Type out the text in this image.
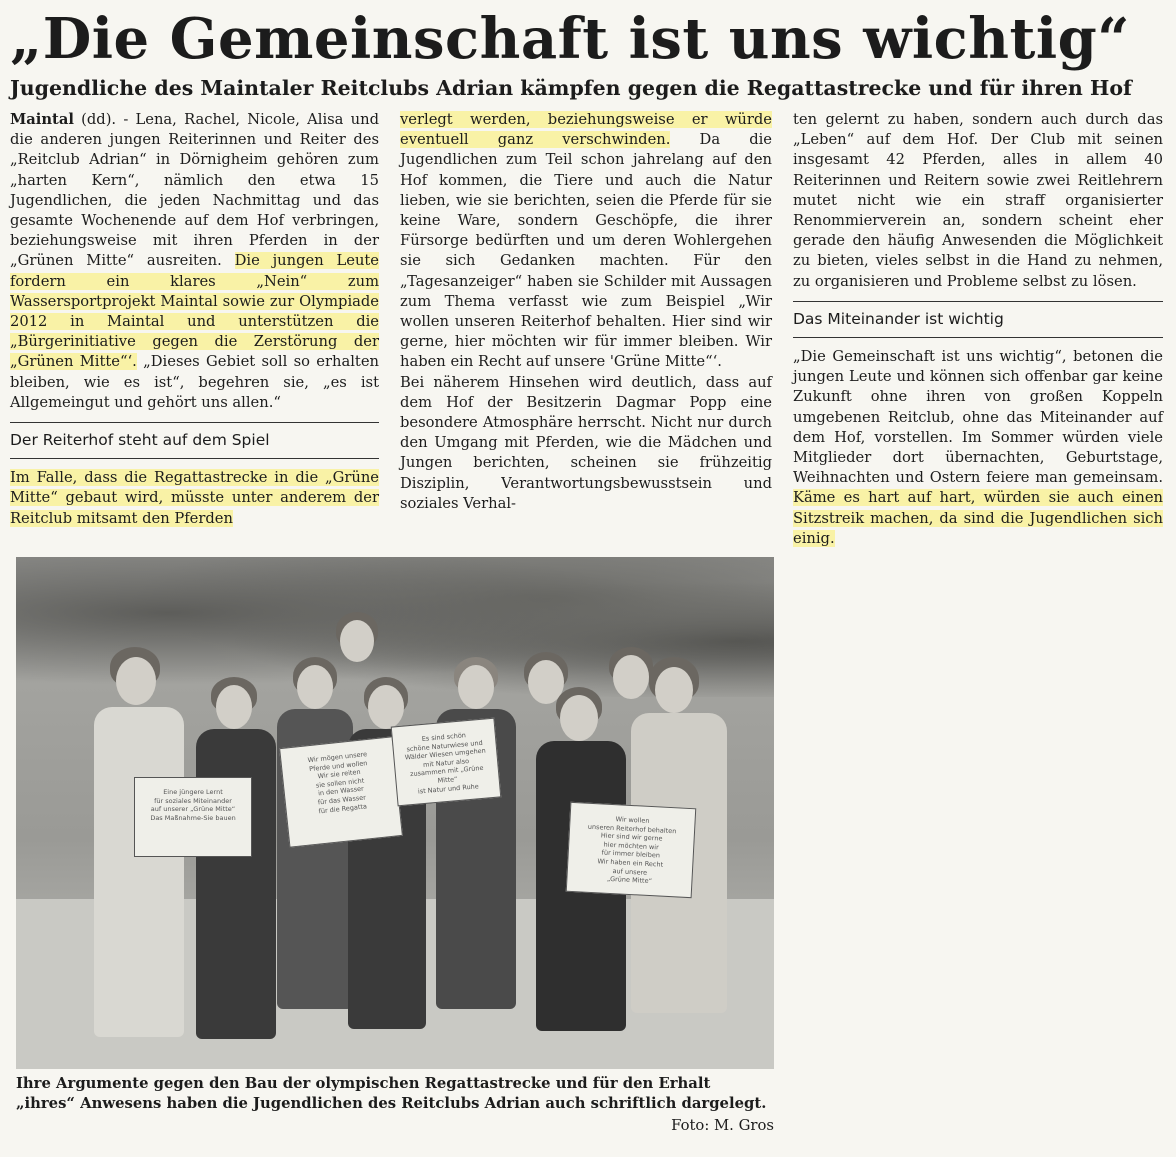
„Die Gemeinschaft ist uns wichtig“
Jugendliche des Maintaler Reitclubs Adrian kämpfen gegen die Regattastrecke und für ihren Hof

Maintal (dd). - Lena, Rachel, Nicole, Alisa und die anderen jungen Reiterinnen und Reiter des „Reitclub Adrian“ in Dörnigheim gehören zum „harten Kern“, nämlich den etwa 15 Jugendlichen, die jeden Nachmittag und das gesamte Wochenende auf dem Hof verbringen, beziehungsweise mit ihren Pferden in der „Grünen Mitte“ ausreiten. Die jungen Leute fordern ein klares „Nein“ zum Wassersportprojekt Maintal sowie zur Olympiade 2012 in Maintal und unterstützen die „Bürgerinitiative gegen die Zerstörung der „Grünen Mitte“‘. „Dieses Gebiet soll so erhalten bleiben, wie es ist“, begehren sie, „es ist Allgemeingut und gehört uns allen.“

Der Reiterhof steht auf dem Spiel

Im Falle, dass die Regattastrecke in die „Grüne Mitte“ gebaut wird, müsste unter anderem der Reitclub mitsamt den Pferden

verlegt werden, beziehungsweise er würde eventuell ganz verschwinden. Da die Jugendlichen zum Teil schon jahrelang auf den Hof kommen, die Tiere und auch die Natur lieben, wie sie berichten, seien die Pferde für sie keine Ware, sondern Geschöpfe, die ihrer Fürsorge bedürften und um deren Wohlergehen sie sich Gedanken machten. Für den „Tagesanzeiger“ haben sie Schilder mit Aussagen zum Thema verfasst wie zum Beispiel „Wir wollen unseren Reiterhof behalten. Hier sind wir gerne, hier möchten wir für immer bleiben. Wir haben ein Recht auf unsere 'Grüne Mitte“‘.

Bei näherem Hinsehen wird deutlich, dass auf dem Hof der Besitzerin Dagmar Popp eine besondere Atmosphäre herrscht. Nicht nur durch den Umgang mit Pferden, wie die Mädchen und Jungen berichten, scheinen sie frühzeitig Disziplin, Verantwortungsbewusstsein und soziales Verhal-

ten gelernt zu haben, sondern auch durch das „Leben“ auf dem Hof. Der Club mit seinen insgesamt 42 Pferden, alles in allem 40 Reiterinnen und Reitern sowie zwei Reitlehrern mutet nicht wie ein straff organisierter Renommierverein an, sondern scheint eher gerade den häufig Anwesenden die Möglichkeit zu bieten, vieles selbst in die Hand zu nehmen, zu organisieren und Probleme selbst zu lösen.

Das Miteinander ist wichtig

„Die Gemeinschaft ist uns wichtig“, betonen die jungen Leute und können sich offenbar gar keine Zukunft ohne ihren von großen Koppeln umgebenen Reitclub, ohne das Miteinander auf dem Hof, vorstellen. Im Sommer würden viele Mitglieder dort übernachten, Geburtstage, Weihnachten und Ostern feiere man gemeinsam. Käme es hart auf hart, würden sie auch einen Sitzstreik machen, da sind die Jugendlichen sich einig.

Eine jüngere Lernt
für soziales Miteinander
auf unserer „Grüne Mitte“
Das Maßnahme-Sie bauen
Wir mögen unsere
Pferde und wollen
Wir sie reiten
sie sollen nicht
in den Wasser
für das Wasser
für die Regatta
Es sind schön
schöne Naturwiese und
Wälder Wiesen umgehen
mit Natur also
zusammen mit „Grüne Mitte“
ist Natur und Ruhe
Wir wollen
unseren Reiterhof behalten
Hier sind wir gerne
hier möchten wir
für immer bleiben
Wir haben ein Recht
auf unsere
„Grüne Mitte“
Ihre Argumente gegen den Bau der olympischen Regattastrecke und für den Erhalt „ihres“ Anwesens haben die Jugendlichen des Reitclubs Adrian auch schriftlich dargelegt.
Foto: M. Gros
